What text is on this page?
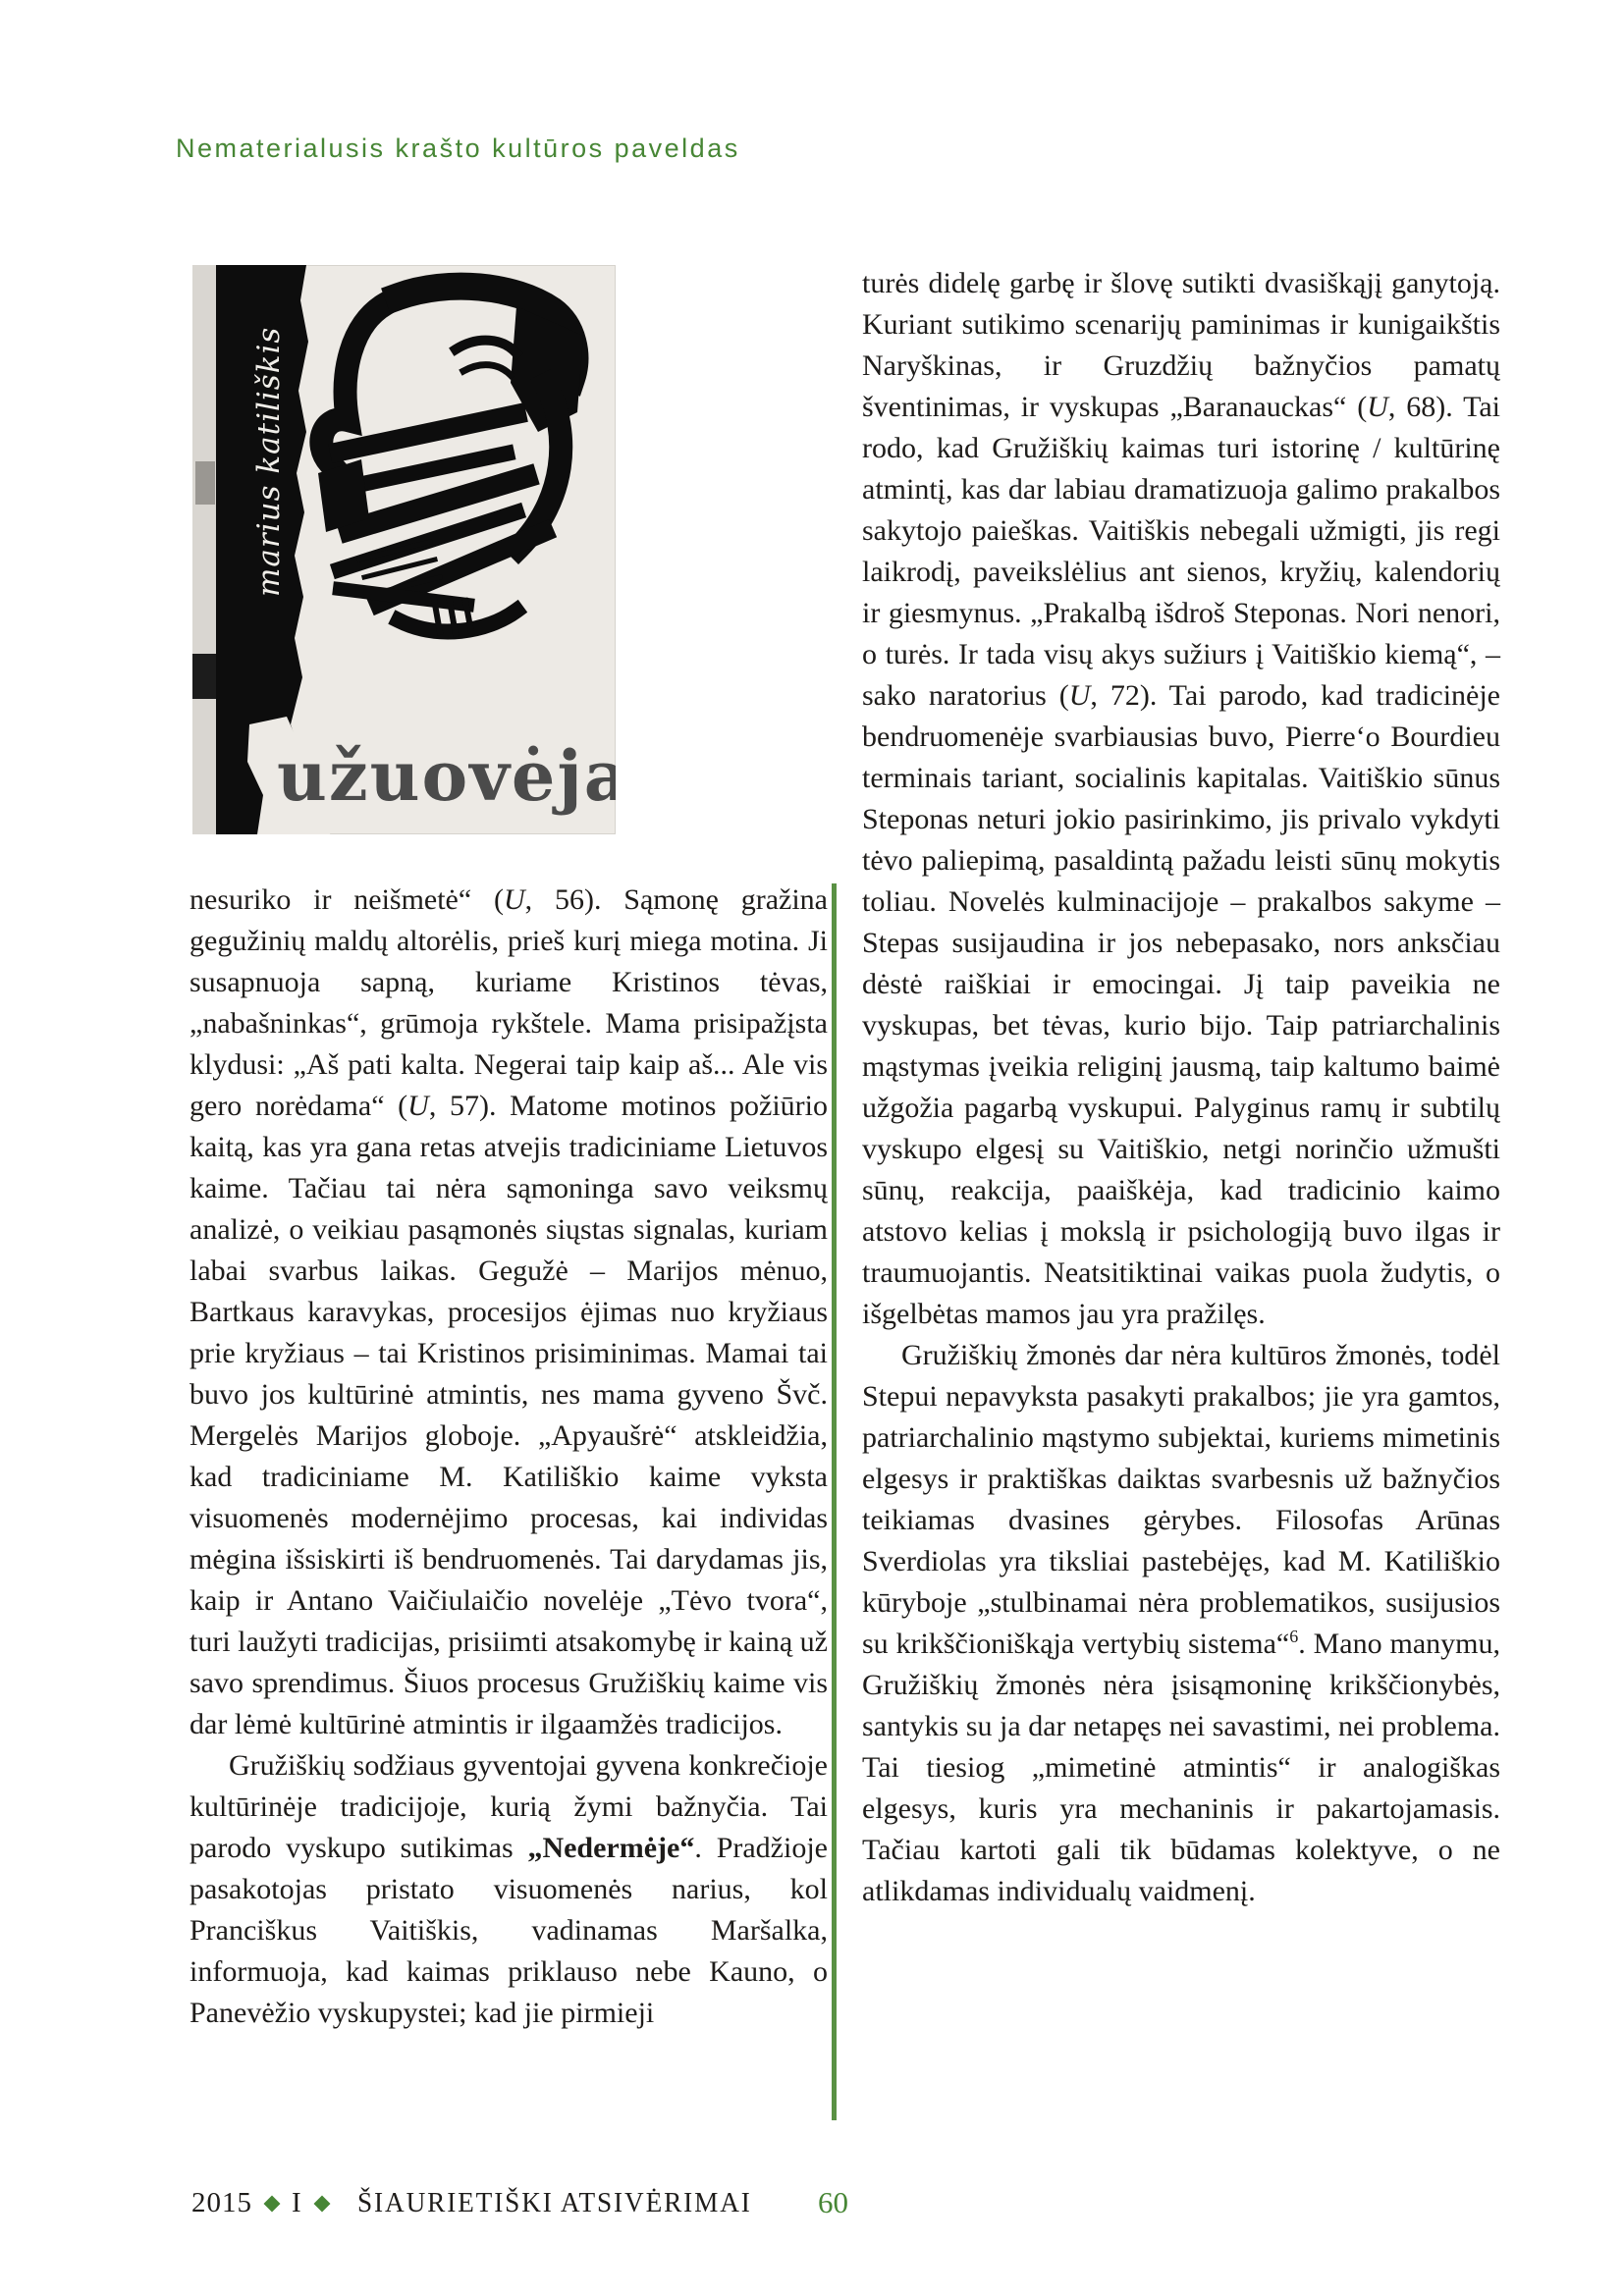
Nematerialusis krašto kultūros paveldas
marius katiliškis
užuovėja

nesuriko ir neišmetė“ (U, 56). Sąmonę gražina gegužinių maldų altorėlis, prieš kurį miega motina. Ji susapnuoja sapną, kuriame Kristinos tėvas, „nabašninkas“, grūmoja rykštele. Mama prisipažįsta klydusi: „Aš pati kalta. Negerai taip kaip aš... Ale vis gero norėdama“ (U, 57). Matome motinos požiūrio kaitą, kas yra gana retas atvejis tradiciniame Lietuvos kaime. Tačiau tai nėra sąmoninga savo veiksmų analizė, o veikiau pasąmonės siųstas signalas, kuriam labai svarbus laikas. Gegužė – Marijos mėnuo, Bartkaus karavykas, procesijos ėjimas nuo kryžiaus prie kryžiaus – tai Kristinos prisiminimas. Mamai tai buvo jos kultūrinė atmintis, nes mama gyveno Švč. Mergelės Marijos globoje. „Apyaušrė“ atskleidžia, kad tradiciniame M. Katiliškio kaime vyksta visuomenės modernėjimo procesas, kai individas mėgina išsiskirti iš bendruomenės. Tai darydamas jis, kaip ir Antano Vaičiulaičio novelėje „Tėvo tvora“, turi laužyti tradicijas, prisiimti atsakomybę ir kainą už savo sprendimus. Šiuos procesus Gružiškių kaime vis dar lėmė kultūrinė atmintis ir ilgaamžės tradicijos.

Gružiškių sodžiaus gyventojai gyvena konkrečioje kultūrinėje tradicijoje, kurią žymi bažnyčia. Tai parodo vyskupo sutikimas „Nedermėje“. Pradžioje pasakotojas pristato visuomenės narius, kol Pranciškus Vaitiškis, vadinamas Maršalka, informuoja, kad kaimas priklauso nebe Kauno, o Panevėžio vyskupystei; kad jie pirmieji

turės didelę garbę ir šlovę sutikti dvasiškąjį ganytoją. Kuriant sutikimo scenarijų paminimas ir kunigaikštis Naryškinas, ir Gruzdžių bažnyčios pamatų šventinimas, ir vyskupas „Baranauckas“ (U, 68). Tai rodo, kad Gružiškių kaimas turi istorinę / kultūrinę atmintį, kas dar labiau dramatizuoja galimo prakalbos sakytojo paieškas. Vaitiškis nebegali užmigti, jis regi laikrodį, paveikslėlius ant sienos, kryžių, kalendorių ir giesmynus. „Prakalbą išdroš Steponas. Nori nenori, o turės. Ir tada visų akys sužiurs į Vaitiškio kiemą“, – sako naratorius (U, 72). Tai parodo, kad tradicinėje bendruomenėje svarbiausias buvo, Pierre‘o Bourdieu terminais tariant, socialinis kapitalas. Vaitiškio sūnus Steponas neturi jokio pasirinkimo, jis privalo vykdyti tėvo paliepimą, pasaldintą pažadu leisti sūnų mokytis toliau. Novelės kulminacijoje – prakalbos sakyme – Stepas susijaudina ir jos nebepasako, nors anksčiau dėstė raiškiai ir emocingai. Jį taip paveikia ne vyskupas, bet tėvas, kurio bijo. Taip patriarchalinis mąstymas įveikia religinį jausmą, taip kaltumo baimė užgožia pagarbą vyskupui. Palyginus ramų ir subtilų vyskupo elgesį su Vaitiškio, netgi norinčio užmušti sūnų, reakcija, paaiškėja, kad tradicinio kaimo atstovo kelias į mokslą ir psichologiją buvo ilgas ir traumuojantis. Neatsitiktinai vaikas puola žudytis, o išgelbėtas mamos jau yra pražilęs.

Gružiškių žmonės dar nėra kultūros žmonės, todėl Stepui nepavyksta pasakyti prakalbos; jie yra gamtos, patriarchalinio mąstymo subjektai, kuriems mimetinis elgesys ir praktiškas daiktas svarbesnis už bažnyčios teikiamas dvasines gėrybes. Filosofas Arūnas Sverdiolas yra tiksliai pastebėjęs, kad M. Katiliškio kūryboje „stulbinamai nėra problematikos, susijusios su krikščioniškąja vertybių sistema“$^6$. Mano manymu, Gružiškių žmonės nėra įsisąmoninę krikščionybės, santykis su ja dar netapęs nei savastimi, nei problema. Tai tiesiog „mimetinė atmintis“ ir analogiškas elgesys, kuris yra mechaninis ir pakartojamasis. Tačiau kartoti gali tik būdamas kolektyve, o ne atlikdamas individualų vaidmenį.

2015 I ŠIAURIETIŠKI ATSIVĖRIMAI 60
